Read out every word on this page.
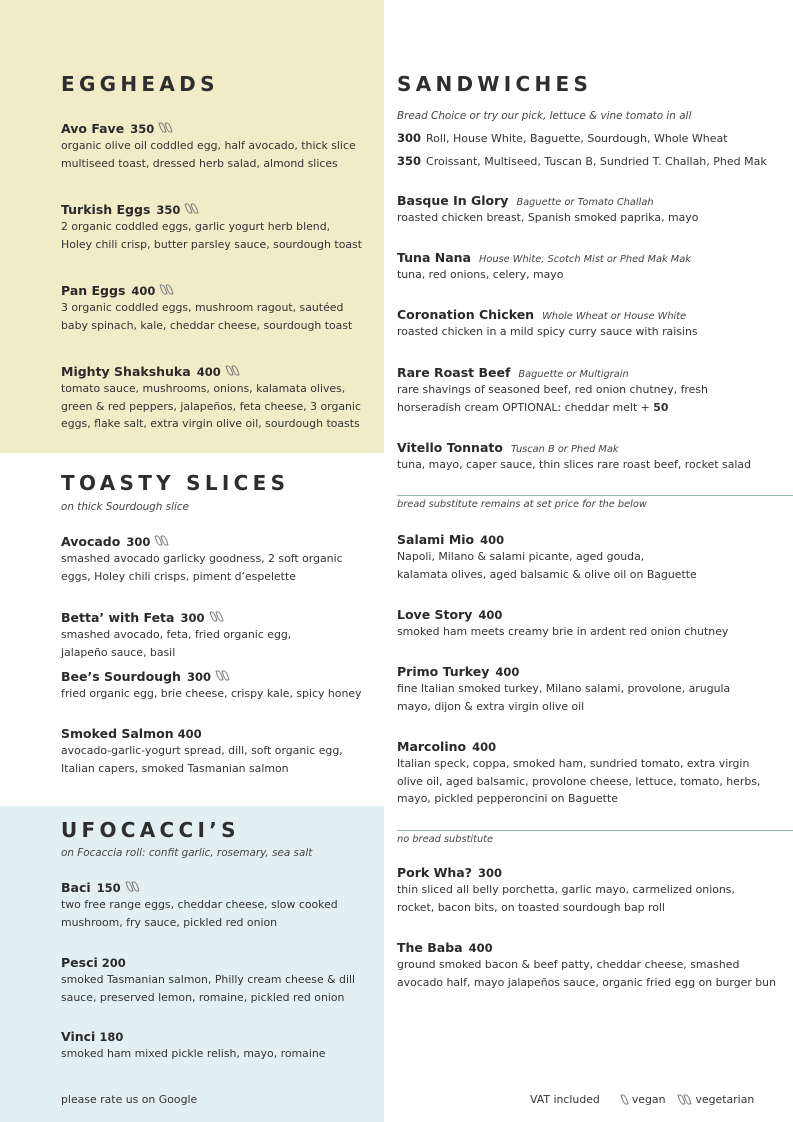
EGGHEADS
Avo Fave 350
organic olive oil coddled egg, half avocado, thick slice
multiseed toast, dressed herb salad, almond slices
Turkish Eggs 350
2 organic coddled eggs, garlic yogurt herb blend,
Holey chili crisp, butter parsley sauce, sourdough toast
Pan Eggs 400
3 organic coddled eggs, mushroom ragout, sautéed
baby spinach, kale, cheddar cheese, sourdough toast
Mighty Shakshuka 400
tomato sauce, mushrooms, onions, kalamata olives,
green & red peppers, jalapeños, feta cheese, 3 organic
eggs, flake salt, extra virgin olive oil, sourdough toasts
TOASTY SLICES
on thick Sourdough slice
Avocado 300
smashed avocado garlicky goodness, 2 soft organic
eggs, Holey chili crisps, piment d’espelette
Betta’ with Feta 300
smashed avocado, feta, fried organic egg,
jalapeño sauce, basil
Bee’s Sourdough 300
fried organic egg, brie cheese, crispy kale, spicy honey
Smoked Salmon 400
avocado-garlic-yogurt spread, dill, soft organic egg,
Italian capers, smoked Tasmanian salmon
UFOCACCI’S
on Focaccia roll: confit garlic, rosemary, sea salt
Baci 150
two free range eggs, cheddar cheese, slow cooked
mushroom, fry sauce, pickled red onion
Pesci 200
smoked Tasmanian salmon, Philly cream cheese & dill
sauce, preserved lemon, romaine, pickled red onion
Vinci 180
smoked ham mixed pickle relish, mayo, romaine
SANDWICHES
Bread Choice or try our pick, lettuce & vine tomato in all
300 Roll, House White, Baguette, Sourdough, Whole Wheat
350 Croissant, Multiseed, Tuscan B, Sundried T. Challah, Phed Mak
Basque In Glory Baguette or Tomato Challah
roasted chicken breast, Spanish smoked paprika, mayo
Tuna Nana House White, Scotch Mist or Phed Mak Mak
tuna, red onions, celery, mayo
Coronation Chicken Whole Wheat or House White
roasted chicken in a mild spicy curry sauce with raisins
Rare Roast Beef Baguette or Multigrain
rare shavings of seasoned beef, red onion chutney, fresh
horseradish cream OPTIONAL: cheddar melt + 50
Vitello Tonnato Tuscan B or Phed Mak
tuna, mayo, caper sauce, thin slices rare roast beef, rocket salad
bread substitute remains at set price for the below
Salami Mio 400
Napoli, Milano & salami picante, aged gouda,
kalamata olives, aged balsamic & olive oil on Baguette
Love Story 400
smoked ham meets creamy brie in ardent red onion chutney
Primo Turkey 400
fine Italian smoked turkey, Milano salami, provolone, arugula
mayo, dijon & extra virgin olive oil
Marcolino 400
Italian speck, coppa, smoked ham, sundried tomato, extra virgin
olive oil, aged balsamic, provolone cheese, lettuce, tomato, herbs,
mayo, pickled pepperoncini on Baguette
no bread substitute
Pork Wha? 300
thin sliced all belly porchetta, garlic mayo, carmelized onions,
rocket, bacon bits, on toasted sourdough bap roll
The Baba 400
ground smoked bacon & beef patty, cheddar cheese, smashed
avocado half, mayo jalapeños sauce, organic fried egg on burger bun
please rate us on Google	VAT included	vegan	vegetarian
